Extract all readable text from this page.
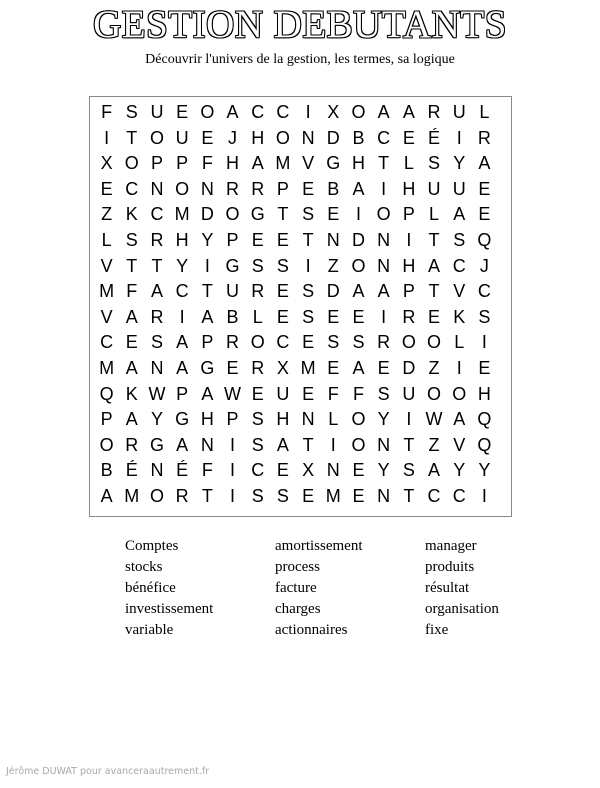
GESTION DEBUTANTS
Découvrir l'univers de la gestion, les termes, sa logique
F S U E O A C C I X O A A R U L
I T O U E J H O N D B C E É I R
X O P P F H A M V G H T L S Y A
E C N O N R R P E B A I H U U E
Z K C M D O G T S E I O P L A E
L S R H Y P E E T N D N I T S Q
V T T Y I G S S I Z O N H A C J
M F A C T U R E S D A A P T V C
V A R I A B L E S E E I R E K S
C E S A P R O C E S S R O O L I
M A N A G E R X M E A E D Z I E
Q K W P A W E U E F F S U O O H
P A Y G H P S H N L O Y I W A Q
O R G A N I S A T I O N T Z V Q
B É N É F I C E X N E Y S A Y Y
A M O R T I S S E M E N T C C I
Comptes	amortissement	manager
stocks	process	produits
bénéfice	facture	résultat
investissement	charges	organisation
variable	actionnaires	fixe
Jérôme DUWAT pour avanceraautrement.fr
